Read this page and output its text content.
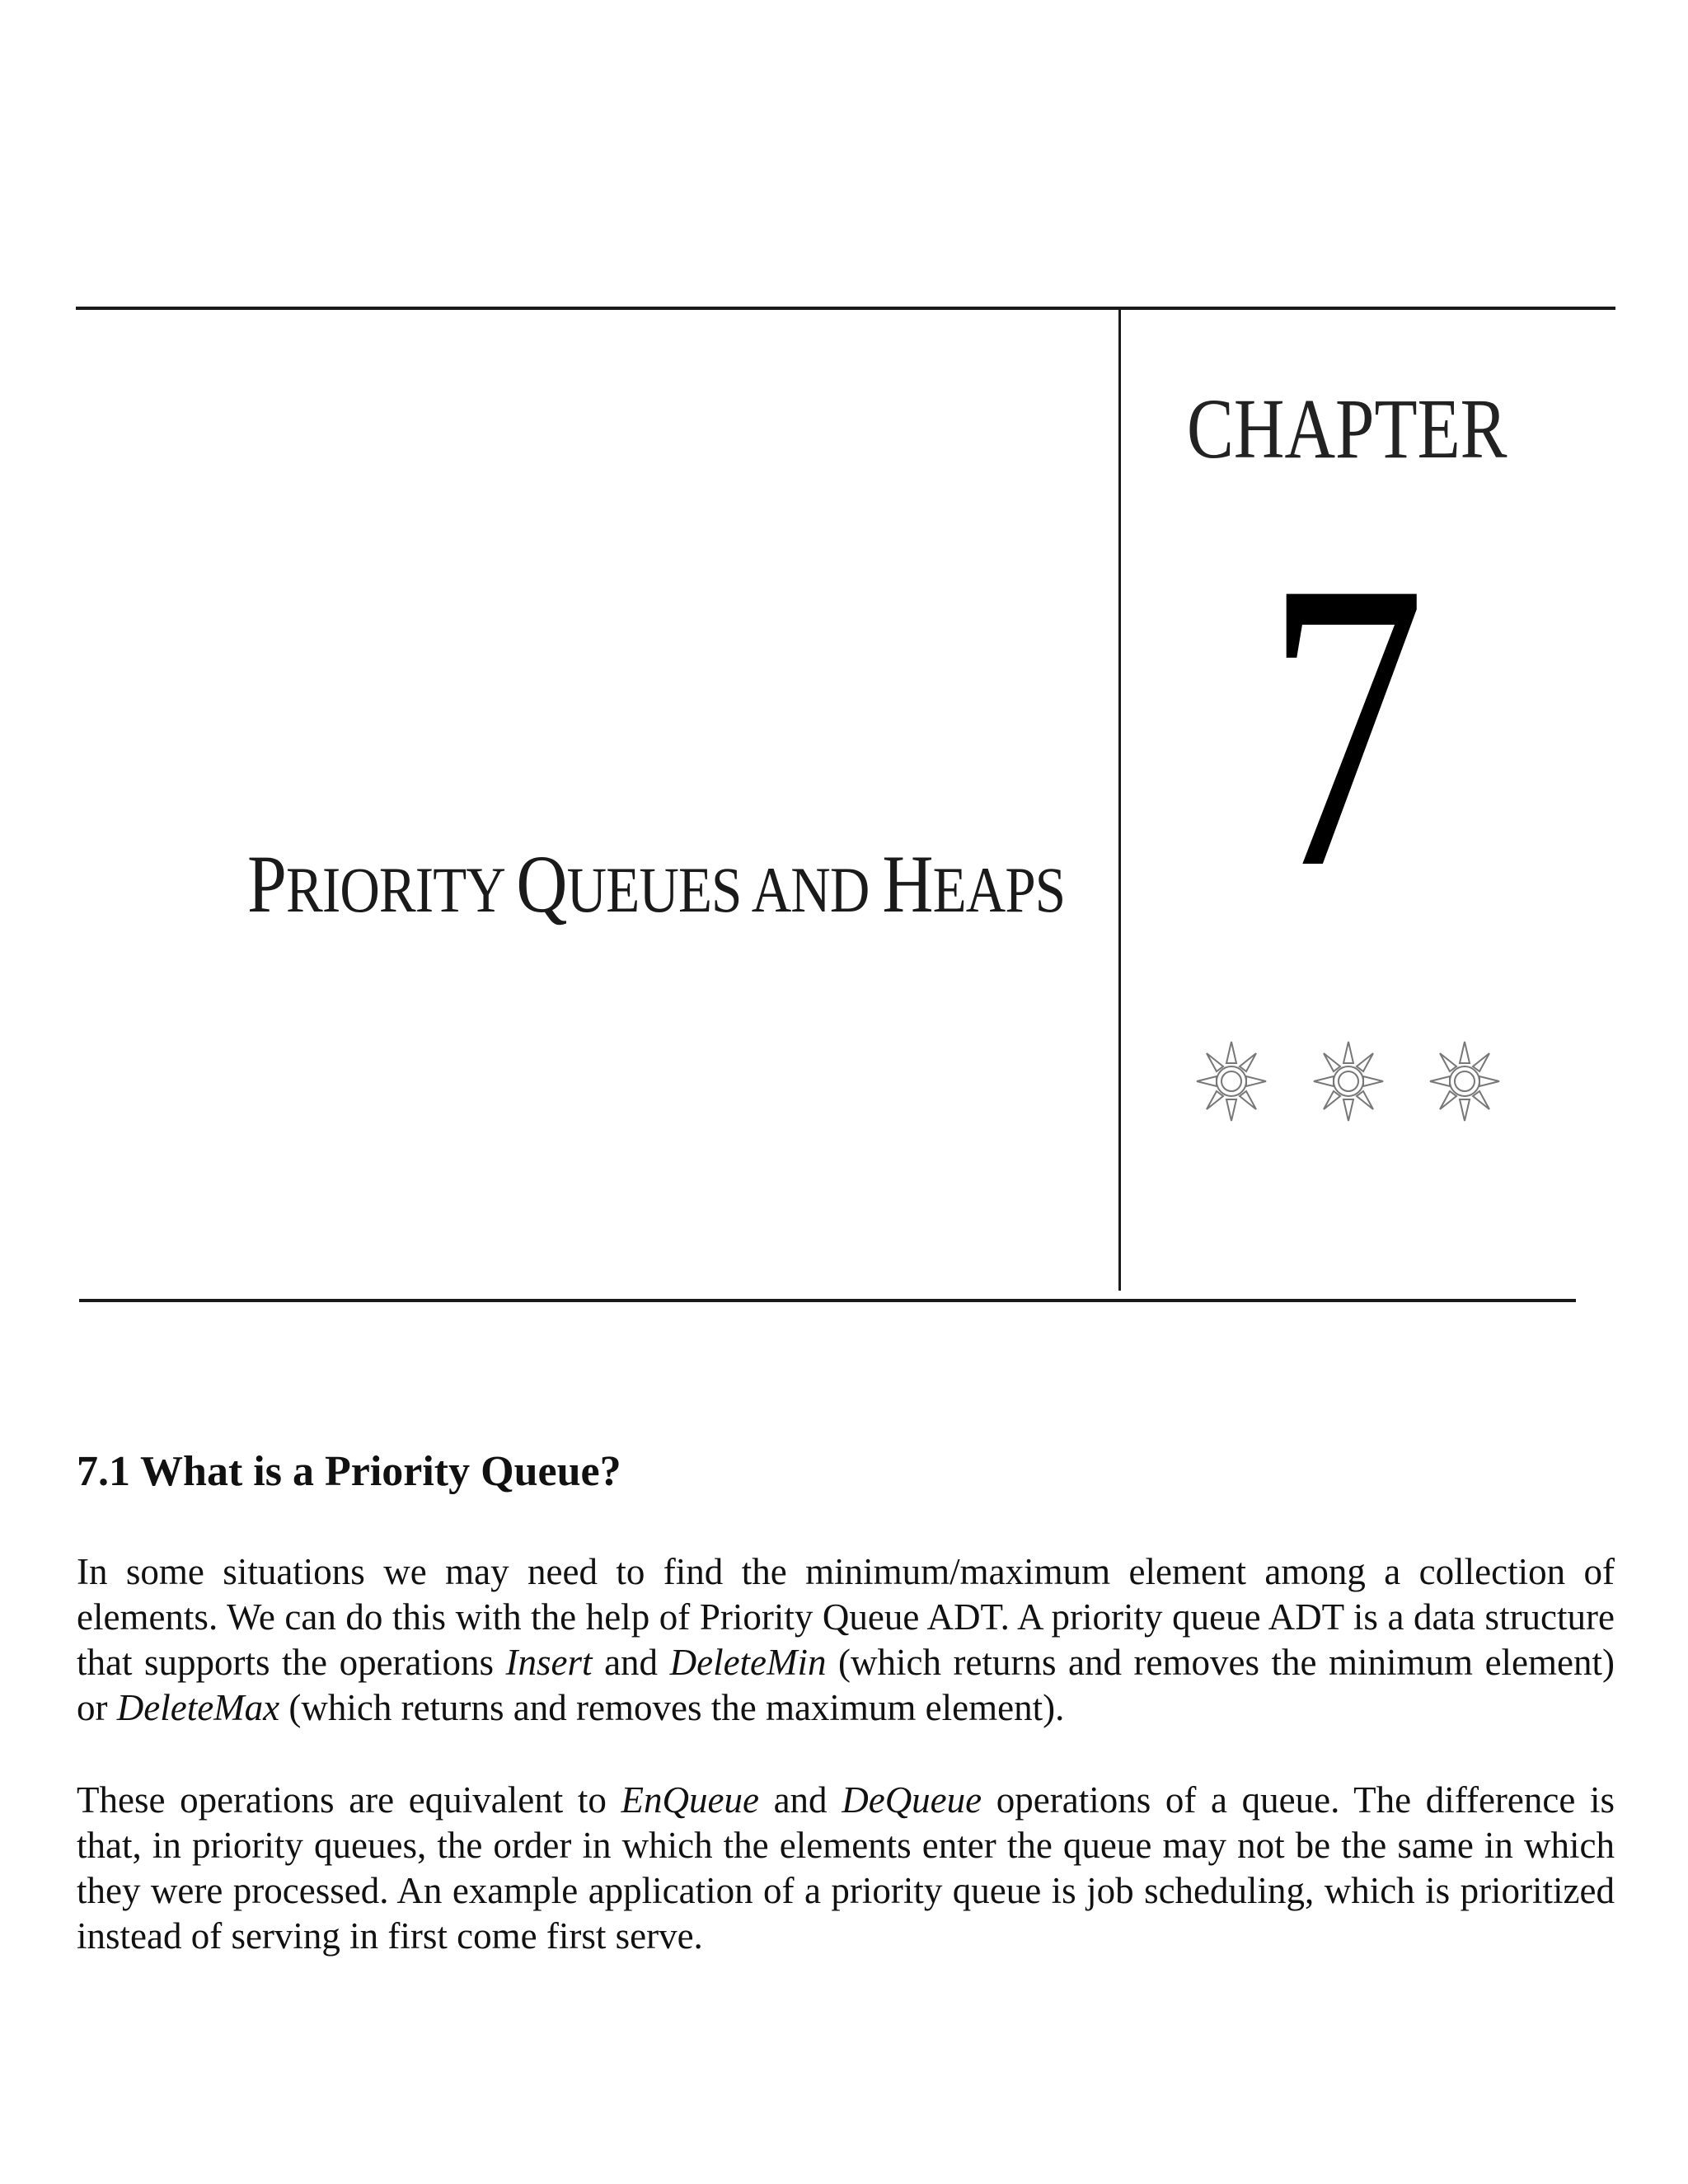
PRIORITY QUEUES AND HEAPS
CHAPTER
7
7.1 What is a Priority Queue?
In some situations we may need to find the minimum/maximum element among a collection of elements. We can do this with the help of Priority Queue ADT. A priority queue ADT is a data structure that supports the operations Insert and DeleteMin (which returns and removes the minimum element) or DeleteMax (which returns and removes the maximum element).
These operations are equivalent to EnQueue and DeQueue operations of a queue. The difference is that, in priority queues, the order in which the elements enter the queue may not be the same in which they were processed. An example application of a priority queue is job scheduling, which is prioritized instead of serving in first come first serve.
